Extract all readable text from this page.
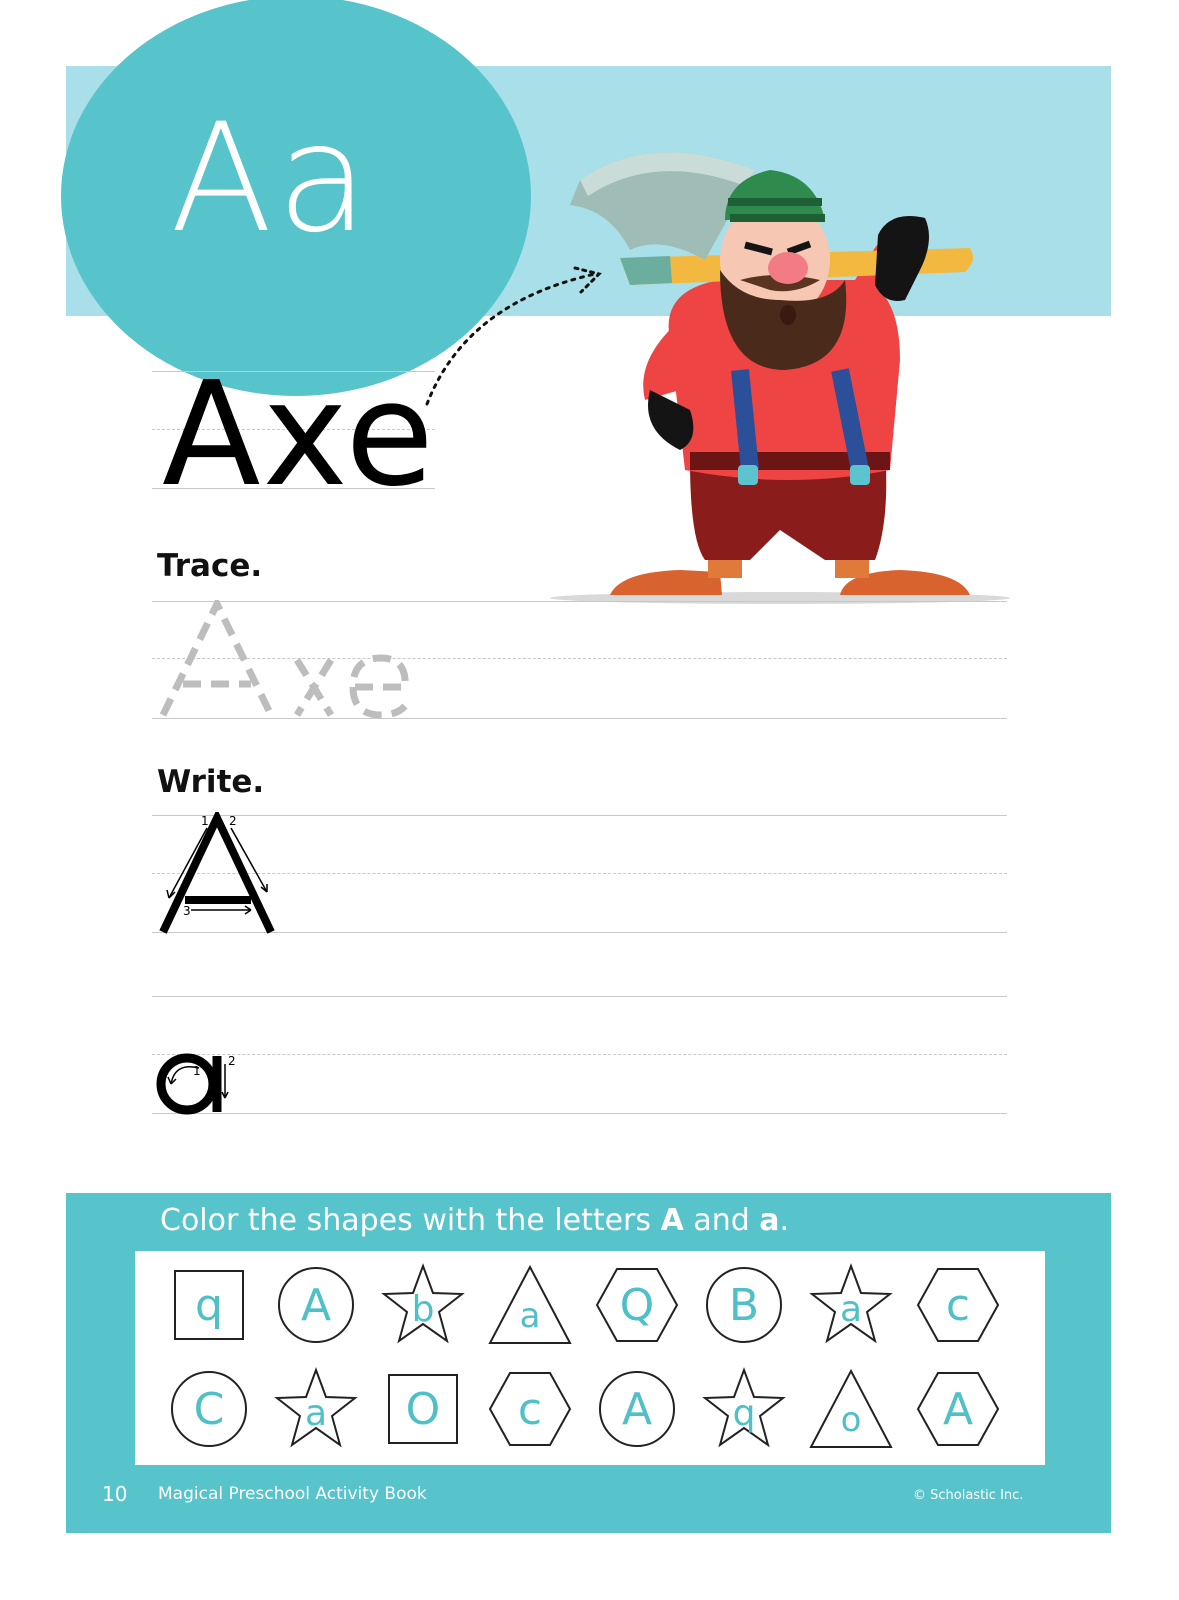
Aa
Axe
Trace.
Write.
1 2
3
1
2
Color the shapes with the letters A and a.
q	A	b	a	Q	B	a	c
C	a	O	c	A	q	o	A
10 Magical Preschool Activity Book	© Scholastic Inc.
